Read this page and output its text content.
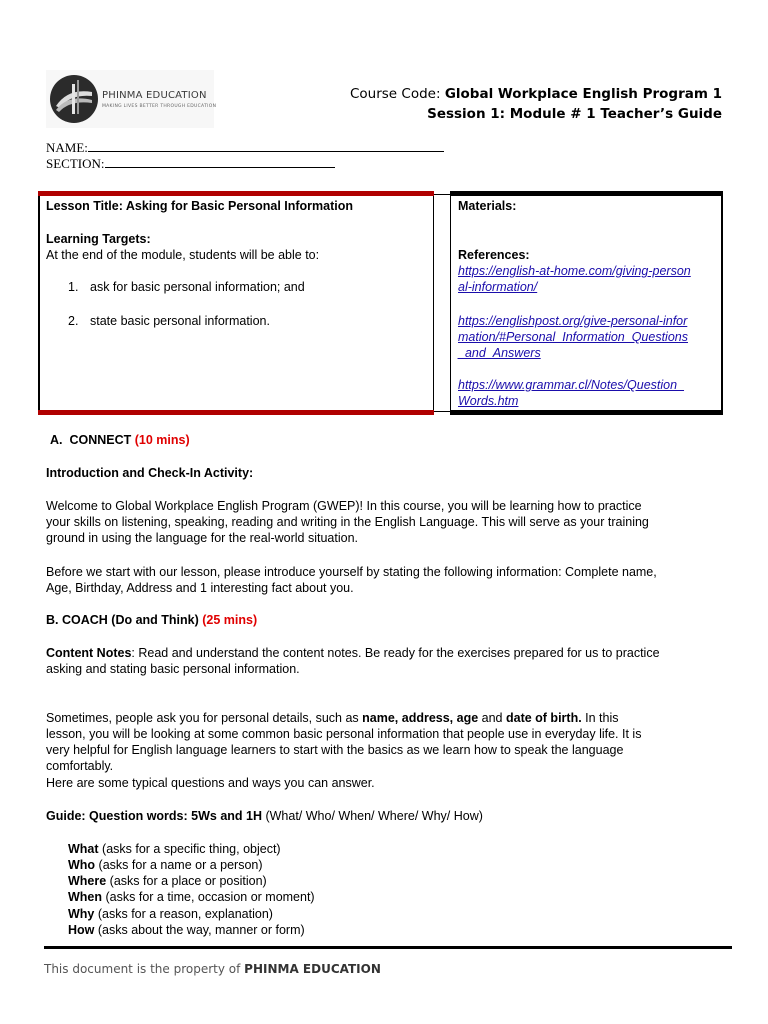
PHINMA EDUCATION
MAKING LIVES BETTER THROUGH EDUCATION
Course Code: Global Workplace English Program 1
Session 1: Module # 1 Teacher’s Guide
NAME:
SECTION:
Lesson Title: Asking for Basic Personal Information
Learning Targets:
At the end of the module, students will be able to:
1. ask for basic personal information; and
2. state basic personal information.
Materials:
References:
https://english-at-home.com/giving-person
al-information/
https://englishpost.org/give-personal-infor
mation/#Personal_Information_Questions
_and_Answers
https://www.grammar.cl/Notes/Question_
Words.htm
A. CONNECT (10 mins)
Introduction and Check-In Activity:
Welcome to Global Workplace English Program (GWEP)! In this course, you will be learning how to practice
your skills on listening, speaking, reading and writing in the English Language. This will serve as your training
ground in using the language for the real-world situation.
Before we start with our lesson, please introduce yourself by stating the following information: Complete name,
Age, Birthday, Address and 1 interesting fact about you.
B. COACH (Do and Think) (25 mins)
Content Notes: Read and understand the content notes. Be ready for the exercises prepared for us to practice
asking and stating basic personal information.
Sometimes, people ask you for personal details, such as name, address, age and date of birth. In this
lesson, you will be looking at some common basic personal information that people use in everyday life. It is
very helpful for English language learners to start with the basics as we learn how to speak the language
comfortably.
Here are some typical questions and ways you can answer.
Guide: Question words: 5Ws and 1H (What/ Who/ When/ Where/ Why/ How)
What (asks for a specific thing, object)
Who (asks for a name or a person)
Where (asks for a place or position)
When (asks for a time, occasion or moment)
Why (asks for a reason, explanation)
How (asks about the way, manner or form)
This document is the property of PHINMA EDUCATION
